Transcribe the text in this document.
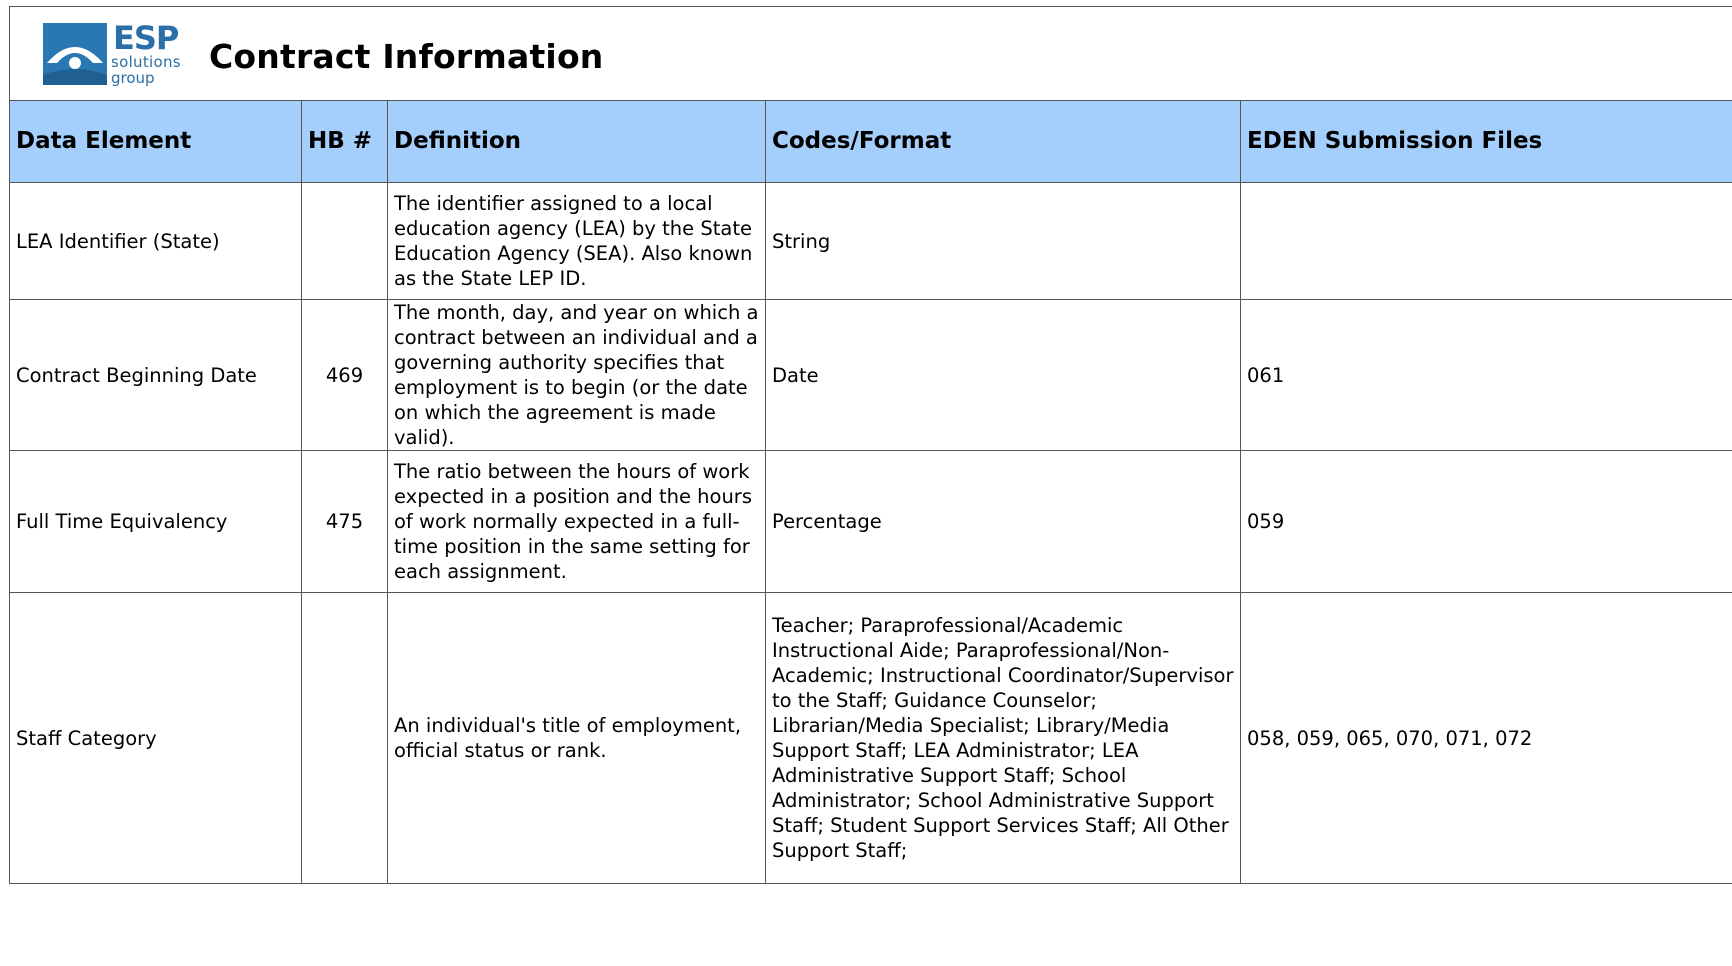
ESP
solutions
group
Contract Information
Data Element	HB #	Definition	Codes/Format	EDEN Submission Files
LEA Identifier (State)		The identifier assigned to a local education agency (LEA) by the State Education Agency (SEA). Also known as the State LEP ID.	String	
Contract Beginning Date	469	The month, day, and year on which a contract between an individual and a governing authority specifies that employment is to begin (or the date on which the agreement is made valid).	Date	061
Full Time Equivalency	475	The ratio between the hours of work expected in a position and the hours of work normally expected in a full-time position in the same setting for each assignment.	Percentage	059
Staff Category		An individual's title of employment, official status or rank.	Teacher; Paraprofessional/Academic Instructional Aide; Paraprofessional/Non-Academic; Instructional Coordinator/Supervisor to the Staff; Guidance Counselor; Librarian/Media Specialist; Library/Media Support Staff; LEA Administrator; LEA Administrative Support Staff; School Administrator; School Administrative Support Staff; Student Support Services Staff; All Other Support Staff;	058, 059, 065, 070, 071, 072
